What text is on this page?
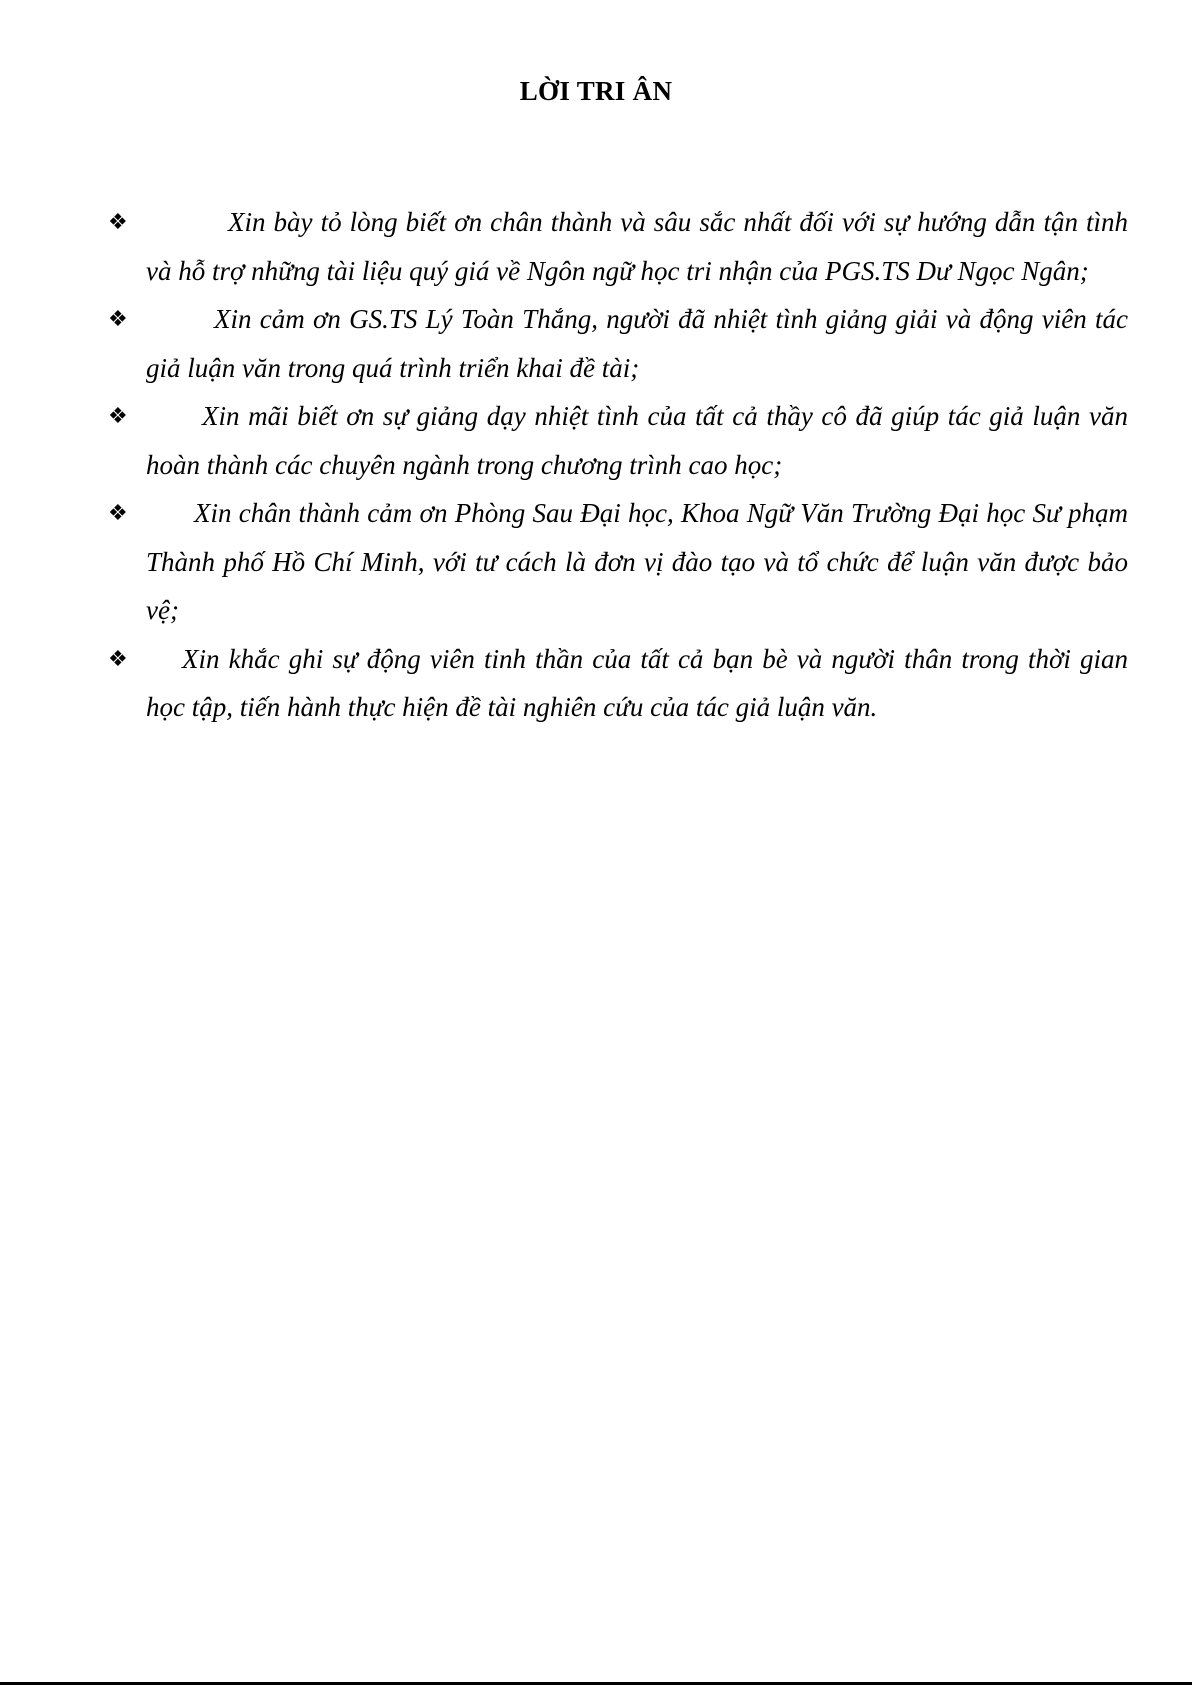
LỜI TRI ÂN
❖	Xin bày tỏ lòng biết ơn chân thành và sâu sắc nhất đối với sự hướng dẫn tận tình và hỗ trợ những tài liệu quý giá về Ngôn ngữ học tri nhận của PGS.TS Dư Ngọc Ngân;
❖	Xin cảm ơn GS.TS Lý Toàn Thắng, người đã nhiệt tình giảng giải và động viên tác giả luận văn trong quá trình triển khai đề tài;
❖	Xin mãi biết ơn sự giảng dạy nhiệt tình của tất cả thầy cô đã giúp tác giả luận văn hoàn thành các chuyên ngành trong chương trình cao học;
❖	Xin chân thành cảm ơn Phòng Sau Đại học, Khoa Ngữ Văn Trường Đại học Sư phạm Thành phố Hồ Chí Minh, với tư cách là đơn vị đào tạo và tổ chức để luận văn được bảo vệ;
❖	Xin khắc ghi sự động viên tinh thần của tất cả bạn bè và người thân trong thời gian học tập, tiến hành thực hiện đề tài nghiên cứu của tác giả luận văn.
